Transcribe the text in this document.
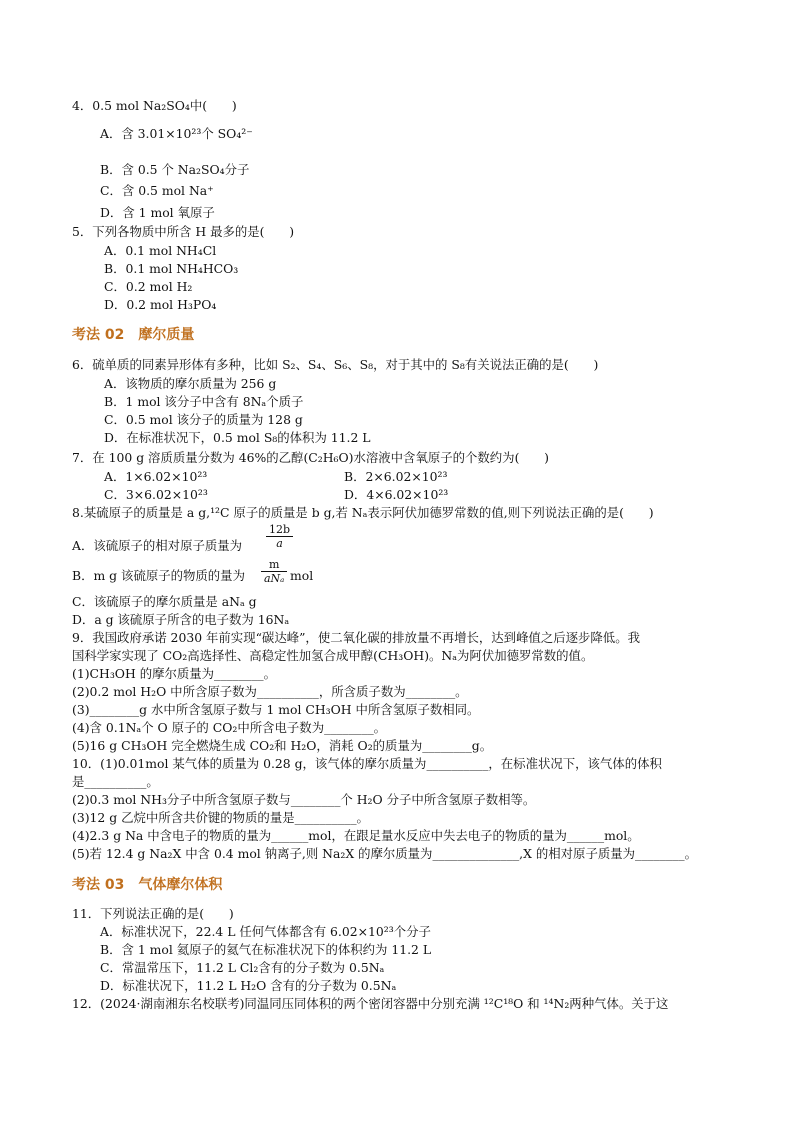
4．0.5 mol Na₂SO₄中(　　)
A．含 3.01×10²³个 SO₄²⁻
B．含 0.5 个 Na₂SO₄分子
C．含 0.5 mol Na⁺
D．含 1 mol 氧原子
5．下列各物质中所含 H 最多的是(　　)
A．0.1 mol NH₄Cl
B．0.1 mol NH₄HCO₃
C．0.2 mol H₂
D．0.2 mol H₃PO₄
考法 02　摩尔质量
6．硫单质的同素异形体有多种，比如 S₂、S₄、S₆、S₈，对于其中的 S₈有关说法正确的是(　　)
A．该物质的摩尔质量为 256 g
B．1 mol 该分子中含有 8Nₐ个质子
C．0.5 mol 该分子的质量为 128 g
D．在标准状况下，0.5 mol S₈的体积为 11.2 L
7．在 100 g 溶质质量分数为 46%的乙醇(C₂H₆O)水溶液中含氧原子的个数约为(　　)
A．1×6.02×10²³	B．2×6.02×10²³
C．3×6.02×10²³	D．4×6.02×10²³
8.某硫原子的质量是 a g,¹²C 原子的质量是 b g,若 Nₐ表示阿伏加德罗常数的值,则下列说法正确的是(　　)
A．该硫原子的相对原子质量为 $\frac{12b}{a}$
B．m g 该硫原子的物质的量为
m
aNₐ mol
C．该硫原子的摩尔质量是 aNₐ g
D．a g 该硫原子所含的电子数为 16Nₐ
9．我国政府承诺 2030 年前实现“碳达峰”，使二氧化碳的排放量不再增长，达到峰值之后逐步降低。我
国科学家实现了 CO₂高选择性、高稳定性加氢合成甲醇(CH₃OH)。Nₐ为阿伏加德罗常数的值。
(1)CH₃OH 的摩尔质量为________。
(2)0.2 mol H₂O 中所含原子数为__________，所含质子数为________。
(3)________g 水中所含氢原子数与 1 mol CH₃OH 中所含氢原子数相同。
(4)含 0.1Nₐ个 O 原子的 CO₂中所含电子数为________。
(5)16 g CH₃OH 完全燃烧生成 CO₂和 H₂O，消耗 O₂的质量为________g。
10．(1)0.01mol 某气体的质量为 0.28 g，该气体的摩尔质量为__________，在标准状况下，该气体的体积
是__________。
(2)0.3 mol NH₃分子中所含氢原子数与________个 H₂O 分子中所含氢原子数相等。
(3)12 g 乙烷中所含共价键的物质的量是__________。
(4)2.3 g Na 中含电子的物质的量为______mol，在跟足量水反应中失去电子的物质的量为______mol。
(5)若 12.4 g Na₂X 中含 0.4 mol 钠离子,则 Na₂X 的摩尔质量为______________,X 的相对原子质量为________。
考法 03　气体摩尔体积
11．下列说法正确的是(　　)
A．标准状况下，22.4 L 任何气体都含有 6.02×10²³个分子
B．含 1 mol 氦原子的氦气在标准状况下的体积约为 11.2 L
C．常温常压下，11.2 L Cl₂含有的分子数为 0.5Nₐ
D．标准状况下，11.2 L H₂O 含有的分子数为 0.5Nₐ
12．(2024·湖南湘东名校联考)同温同压同体积的两个密闭容器中分别充满 ¹²C¹⁸O 和 ¹⁴N₂两种气体。关于这
